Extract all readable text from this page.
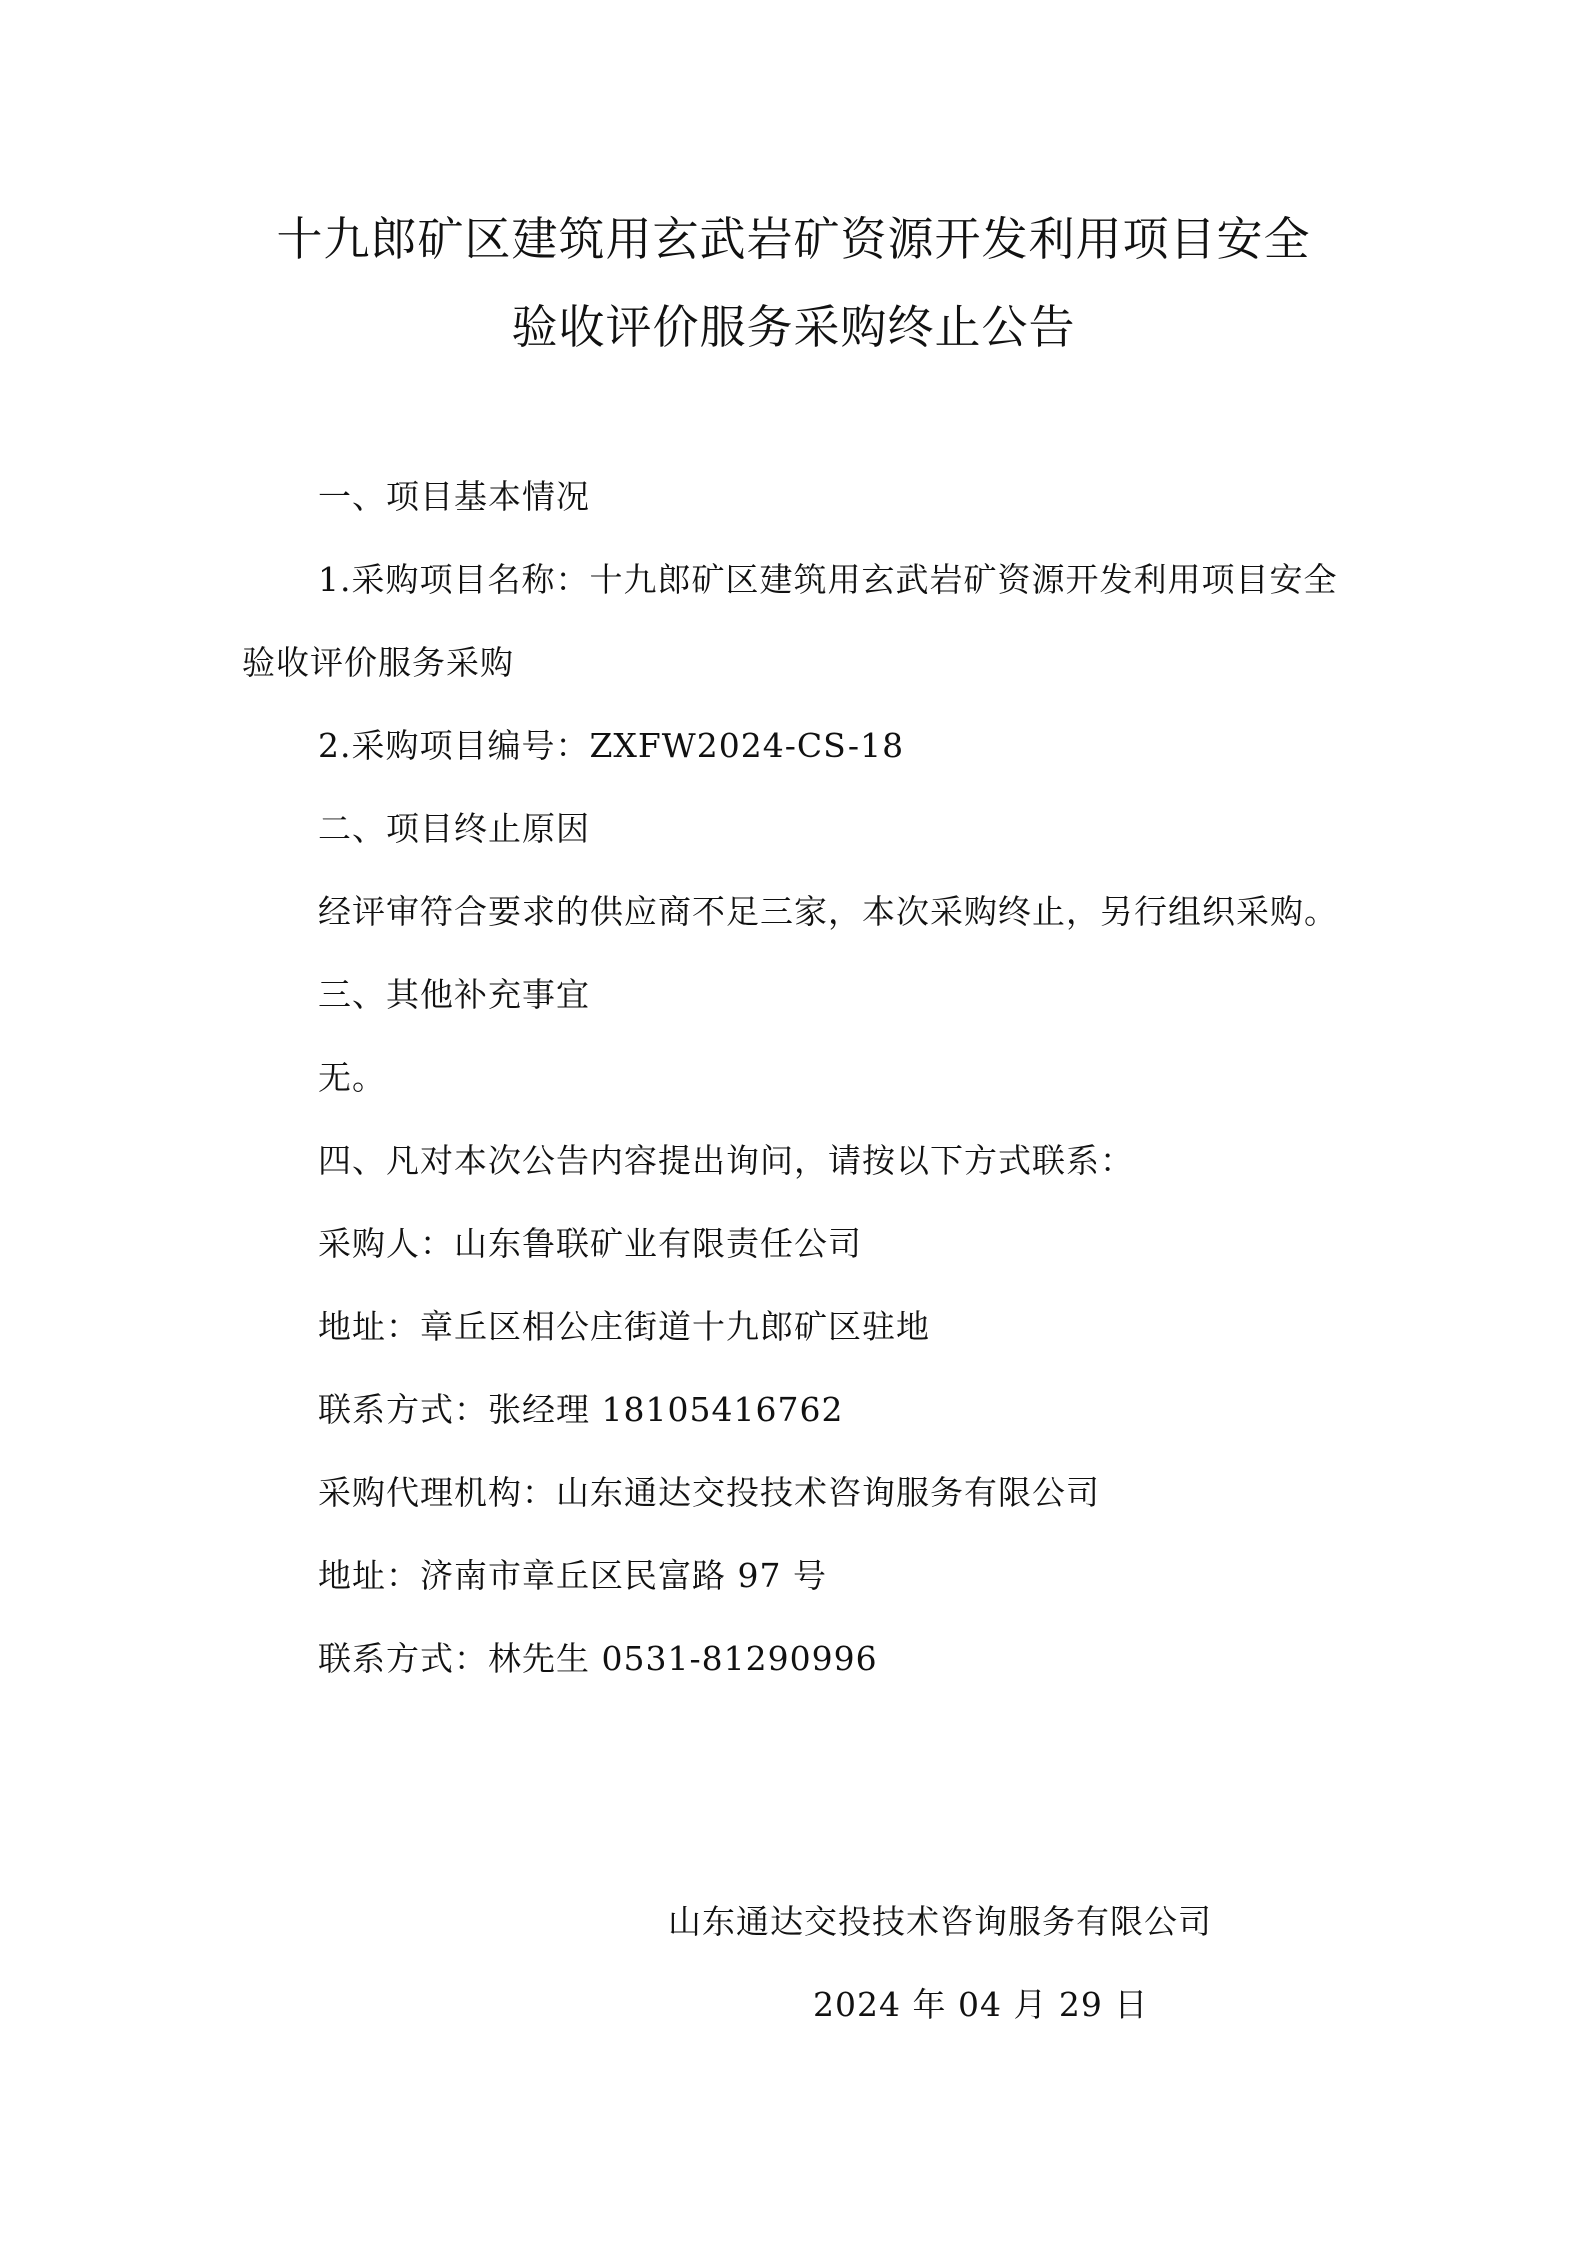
十九郎矿区建筑用玄武岩矿资源开发利用项目安全
验收评价服务采购终止公告

一、项目基本情况

1.采购项目名称：十九郎矿区建筑用玄武岩矿资源开发利用项目安全验收评价服务采购

2.采购项目编号：ZXFW2024-CS-18

二、项目终止原因

经评审符合要求的供应商不足三家，本次采购终止，另行组织采购。

三、其他补充事宜

无。

四、凡对本次公告内容提出询问，请按以下方式联系：

采购人：山东鲁联矿业有限责任公司

地址：章丘区相公庄街道十九郎矿区驻地

联系方式：张经理 18105416762

采购代理机构：山东通达交投技术咨询服务有限公司

地址：济南市章丘区民富路 97 号

联系方式：林先生 0531-81290996

山东通达交投技术咨询服务有限公司
2024 年 04 月 29 日
